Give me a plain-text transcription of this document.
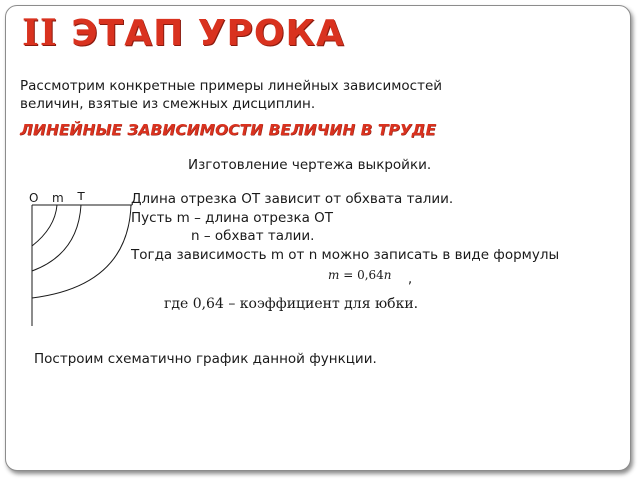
II ЭТАП УРОКА
Рассмотрим конкретные примеры линейных зависимостей
величин, взятые из смежных дисциплин.
ЛИНЕЙНЫЕ ЗАВИСИМОСТИ ВЕЛИЧИН В ТРУДЕ
Изготовление чертежа выкройки.
О m т	Длина отрезка ОТ зависит от обхвата талии.
Пусть m – длина отрезка ОТ
n – обхват талии.
Тогда зависимость m от n можно записать в виде формулы
m = 0,64n ,
где 0,64 – коэффициент для юбки.
Построим схематично график данной функции.
